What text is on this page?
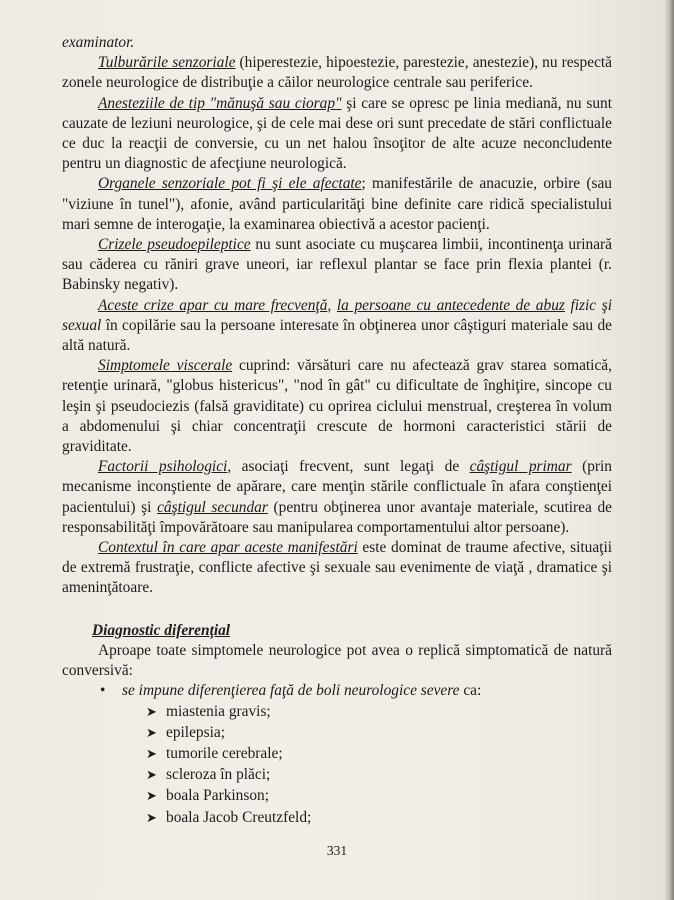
examinator.

Tulburările senzoriale (hiperestezie, hipoestezie, parestezie, anestezie), nu respectă zonele neurologice de distribuţie a căilor neurologice centrale sau periferice.

Anesteziile de tip "mănuşă sau ciorap" şi care se opresc pe linia mediană, nu sunt cauzate de leziuni neurologice, şi de cele mai dese ori sunt precedate de stări conflictuale ce duc la reacţii de conversie, cu un net halou însoţitor de alte acuze neconcludente pentru un diagnostic de afecţiune neurologică.

Organele senzoriale pot fi şi ele afectate; manifestările de anacuzie, orbire (sau "viziune în tunel"), afonie, având particularităţi bine definite care ridică specialistului mari semne de interogaţie, la examinarea obiectivă a acestor pacienţi.

Crizele pseudoepileptice nu sunt asociate cu muşcarea limbii, incontinenţa urinară sau căderea cu răniri grave uneori, iar reflexul plantar se face prin flexia plantei (r. Babinsky negativ).

Aceste crize apar cu mare frecvenţă, la persoane cu antecedente de abuz fizic şi sexual în copilărie sau la persoane interesate în obţinerea unor câştiguri materiale sau de altă natură.

Simptomele viscerale cuprind: vărsături care nu afectează grav starea somatică, retenţie urinară, "globus histericus", "nod în gât" cu dificultate de înghiţire, sincope cu leşin şi pseudociezis (falsă graviditate) cu oprirea ciclului menstrual, creşterea în volum a abdomenului şi chiar concentraţii crescute de hormoni caracteristici stării de graviditate.

Factorii psihologici, asociaţi frecvent, sunt legaţi de câştigul primar (prin mecanisme inconştiente de apărare, care menţin stările conflictuale în afara conştienţei pacientului) şi câştigul secundar (pentru obţinerea unor avantaje materiale, scutirea de responsabilităţi împovărătoare sau manipularea comportamentului altor persoane).

Contextul în care apar aceste manifestări este dominat de traume afective, situaţii de extremă frustraţie, conflicte afective şi sexuale sau evenimente de viaţă , dramatice şi ameninţătoare.

Diagnostic diferenţial

Aproape toate simptomele neurologice pot avea o replică simptomatică de natură conversivă:

• se impune diferenţierea faţă de boli neurologice severe ca:

➤ miastenia gravis;
➤ epilepsia;
➤ tumorile cerebrale;
➤ scleroza în plăci;
➤ boala Parkinson;
➤ boala Jacob Creutzfeld;
331
